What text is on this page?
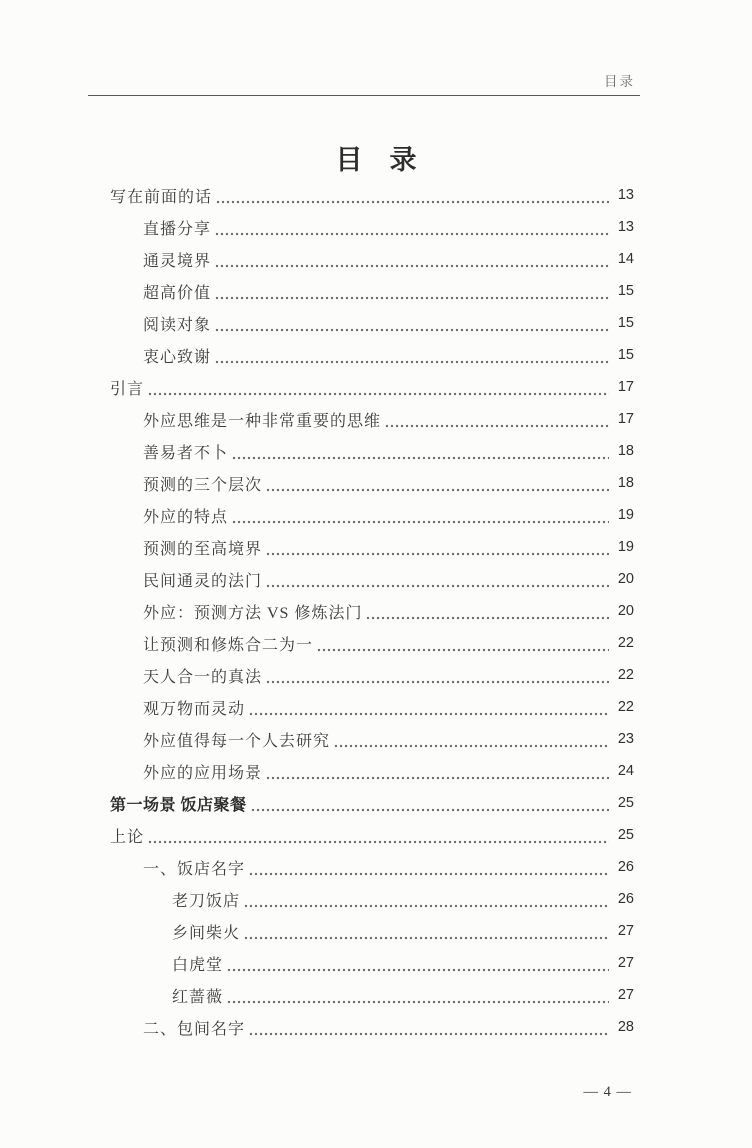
目录
目　录
写在前面的话	13
直播分享	13
通灵境界	14
超高价值	15
阅读对象	15
衷心致谢	15
引言	17
外应思维是一种非常重要的思维	17
善易者不卜	18
预测的三个层次	18
外应的特点	19
预测的至高境界	19
民间通灵的法门	20
外应：预测方法 VS 修炼法门	20
让预测和修炼合二为一	22
天人合一的真法	22
观万物而灵动	22
外应值得每一个人去研究	23
外应的应用场景	24
第一场景 饭店聚餐	25
上论	25
一、饭店名字	26
老刀饭店	26
乡间柴火	27
白虎堂	27
红蔷薇	27
二、包间名字	28
— 4 —
